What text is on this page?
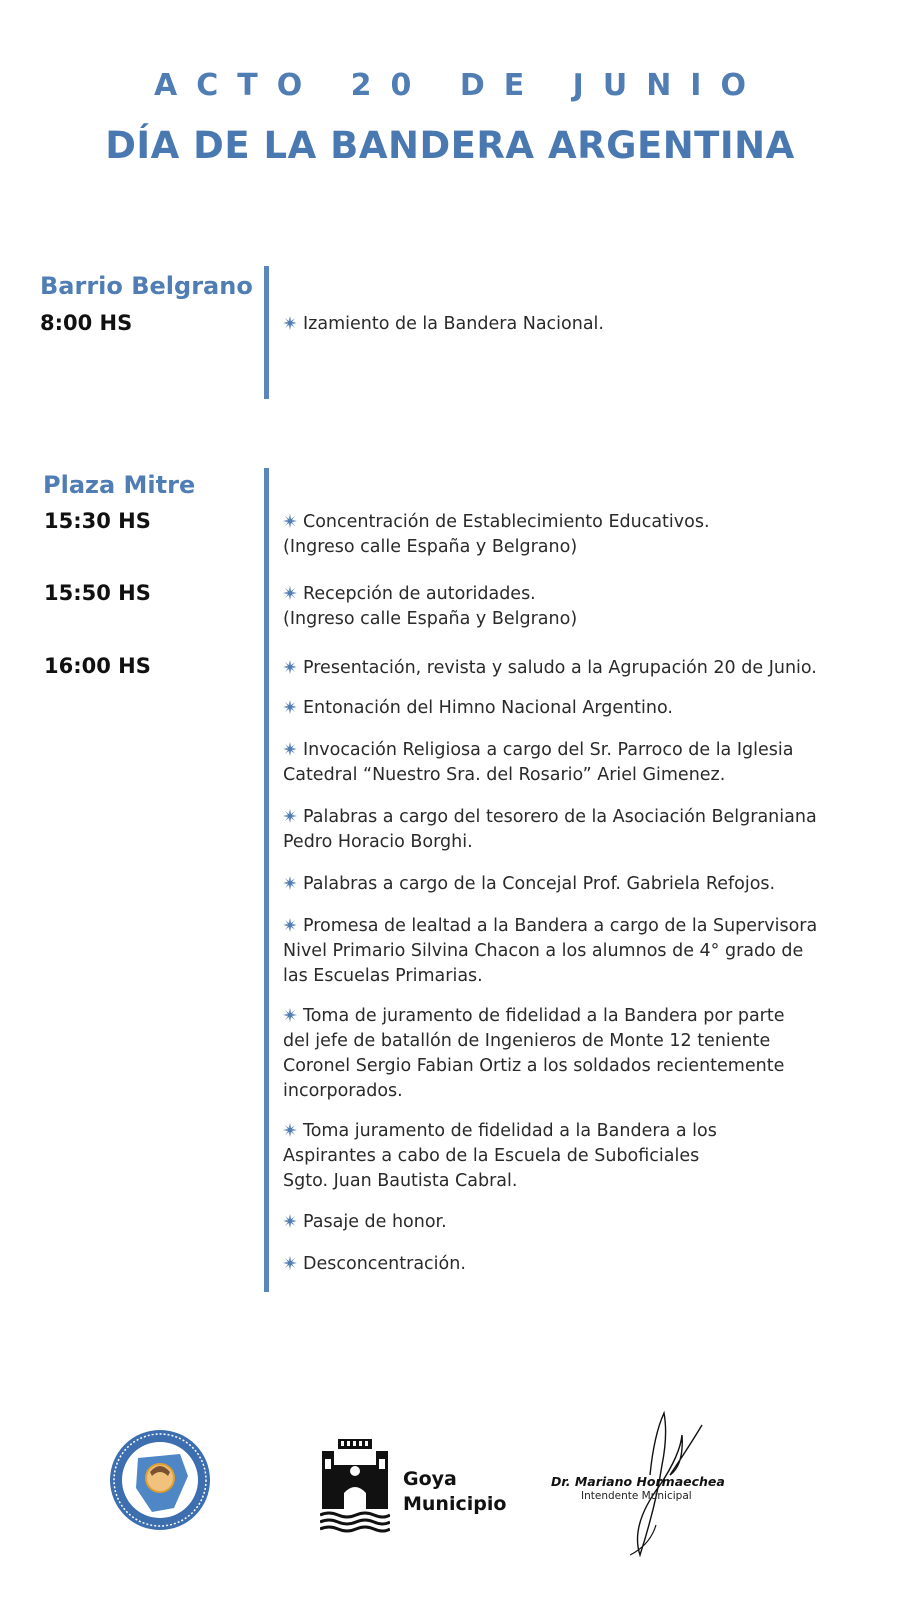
ACTO 20 DE JUNIO
DÍA DE LA BANDERA ARGENTINA
Barrio Belgrano
8:00 HS	Izamiento de la Bandera Nacional.
Plaza Mitre
15:30 HS
15:50 HS
16:00 HS
Concentración de Establecimiento Educativos.
(Ingreso calle España y Belgrano)
Recepción de autoridades.
(Ingreso calle España y Belgrano)
Presentación, revista y saludo a la Agrupación 20 de Junio.
Entonación del Himno Nacional Argentino.
Invocación Religiosa a cargo del Sr. Parroco de la Iglesia
Catedral “Nuestro Sra. del Rosario” Ariel Gimenez.
Palabras a cargo del tesorero de la Asociación Belgraniana
Pedro Horacio Borghi.
Palabras a cargo de la Concejal Prof. Gabriela Refojos.
Promesa de lealtad a la Bandera a cargo de la Supervisora
Nivel Primario Silvina Chacon a los alumnos de 4° grado de
las Escuelas Primarias.
Toma de juramento de fidelidad a la Bandera por parte
del jefe de batallón de Ingenieros de Monte 12 teniente
Coronel Sergio Fabian Ortiz a los soldados recientemente
incorporados.
Toma juramento de fidelidad a la Bandera a los
Aspirantes a cabo de la Escuela de Suboficiales
Sgto. Juan Bautista Cabral.
Pasaje de honor.
Desconcentración.
Goya
Municipio
Dr. Mariano Hormaechea
Intendente Municipal
